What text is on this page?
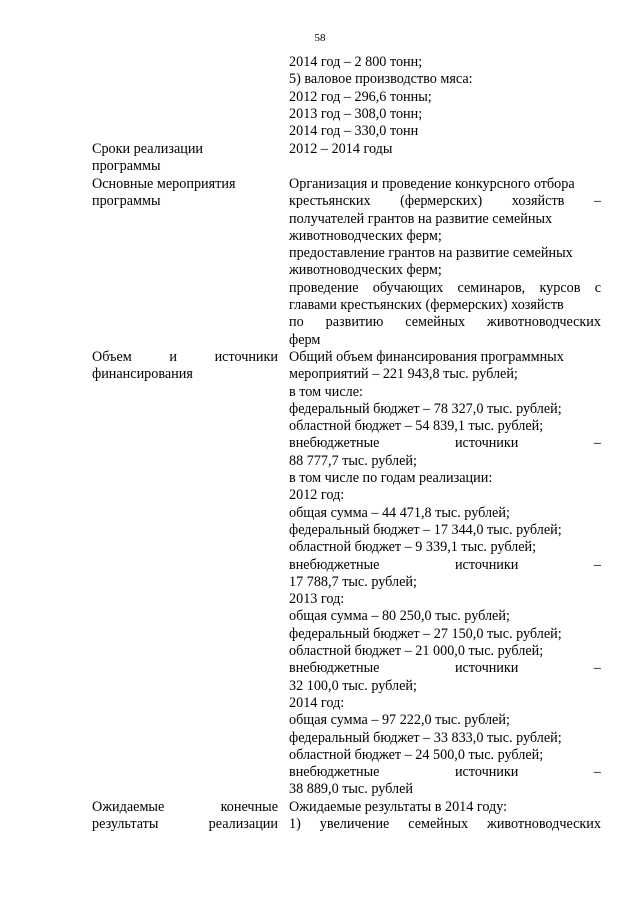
58
2014 год – 2 800 тонн;
5) валовое производство мяса:
2012 год – 296,6 тонны;
2013 год – 308,0 тонн;
2014 год – 330,0 тонн
Сроки реализации
программы
2012 – 2014 годы
Основные мероприятия
программы
Организация и проведение конкурсного отбора
крестьянских (фермерских) хозяйств –
получателей грантов на развитие семейных
животноводческих ферм;
предоставление грантов на развитие семейных
животноводческих ферм;
проведение обучающих семинаров, курсов с
главами крестьянских (фермерских) хозяйств
по развитию семейных животноводческих
ферм
Объем и источники
финансирования
Общий объем финансирования программных
мероприятий – 221 943,8 тыс. рублей;
в том числе:
федеральный бюджет – 78 327,0 тыс. рублей;
областной бюджет – 54 839,1 тыс. рублей;
внебюджетные источники –
88 777,7 тыс. рублей;
в том числе по годам реализации:
2012 год:
общая сумма – 44 471,8 тыс. рублей;
федеральный бюджет – 17 344,0 тыс. рублей;
областной бюджет – 9 339,1 тыс. рублей;
внебюджетные источники –
17 788,7 тыс. рублей;
2013 год:
общая сумма – 80 250,0 тыс. рублей;
федеральный бюджет – 27 150,0 тыс. рублей;
областной бюджет – 21 000,0 тыс. рублей;
внебюджетные источники –
32 100,0 тыс. рублей;
2014 год:
общая сумма – 97 222,0 тыс. рублей;
федеральный бюджет – 33 833,0 тыс. рублей;
областной бюджет – 24 500,0 тыс. рублей;
внебюджетные источники –
38 889,0 тыс. рублей
Ожидаемые конечные
результаты реализации
Ожидаемые результаты в 2014 году:
1) увеличение семейных животноводческих
